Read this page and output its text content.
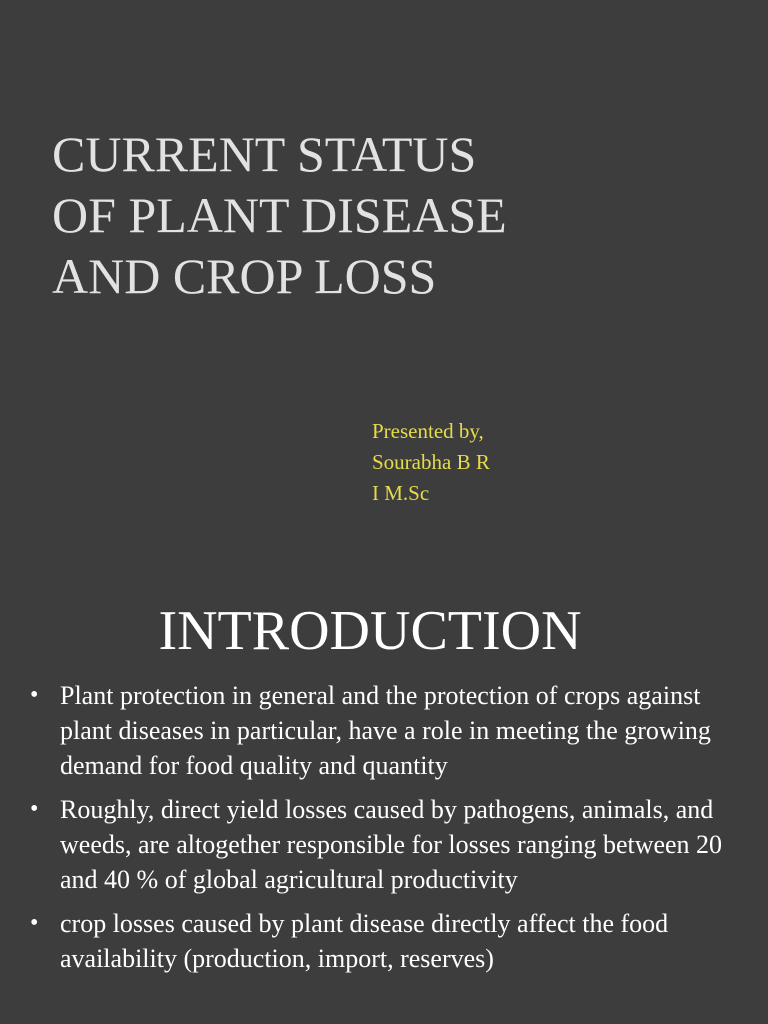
CURRENT STATUS
OF PLANT DISEASE
AND CROP LOSS
Presented by,
Sourabha B R
I M.Sc
INTRODUCTION
• Plant protection in general and the protection of crops against plant diseases in particular, have a role in meeting the growing demand for food quality and quantity
• Roughly, direct yield losses caused by pathogens, animals, and weeds, are altogether responsible for losses ranging between 20 and 40 % of global agricultural productivity
• crop losses caused by plant disease directly affect the food availability (production, import, reserves)
